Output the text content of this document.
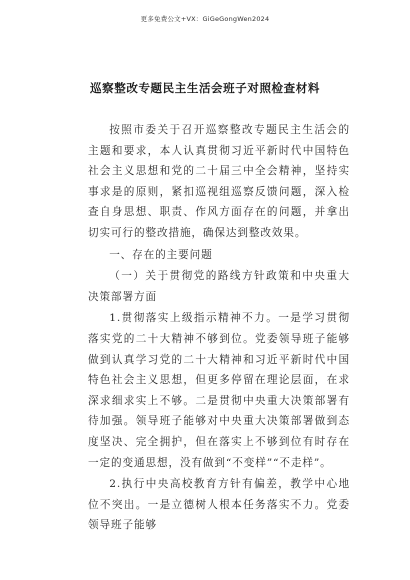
更多免费公文+VX：GiGeGongWen2024
巡察整改专题民主生活会班子对照检查材料

按照市委关于召开巡察整改专题民主生活会的主题和要求，本人认真贯彻习近平新时代中国特色社会主义思想和党的二十届三中全会精神，坚持实事求是的原则，紧扣巡视组巡察反馈问题，深入检查自身思想、职责、作风方面存在的问题，并拿出切实可行的整改措施，确保达到整改效果。

一、存在的主要问题

（一）关于贯彻党的路线方针政策和中央重大决策部署方面

1.贯彻落实上级指示精神不力。一是学习贯彻落实党的二十大精神不够到位。党委领导班子能够做到认真学习党的二十大精神和习近平新时代中国特色社会主义思想，但更多停留在理论层面，在求深求细求实上不够。二是贯彻中央重大决策部署有待加强。领导班子能够对中央重大决策部署做到态度坚决、完全拥护，但在落实上不够到位有时存在一定的变通思想，没有做到“不变样”“不走样”。

2.执行中央高校教育方针有偏差，教学中心地位不突出。一是立德树人根本任务落实不力。党委领导班子能够
